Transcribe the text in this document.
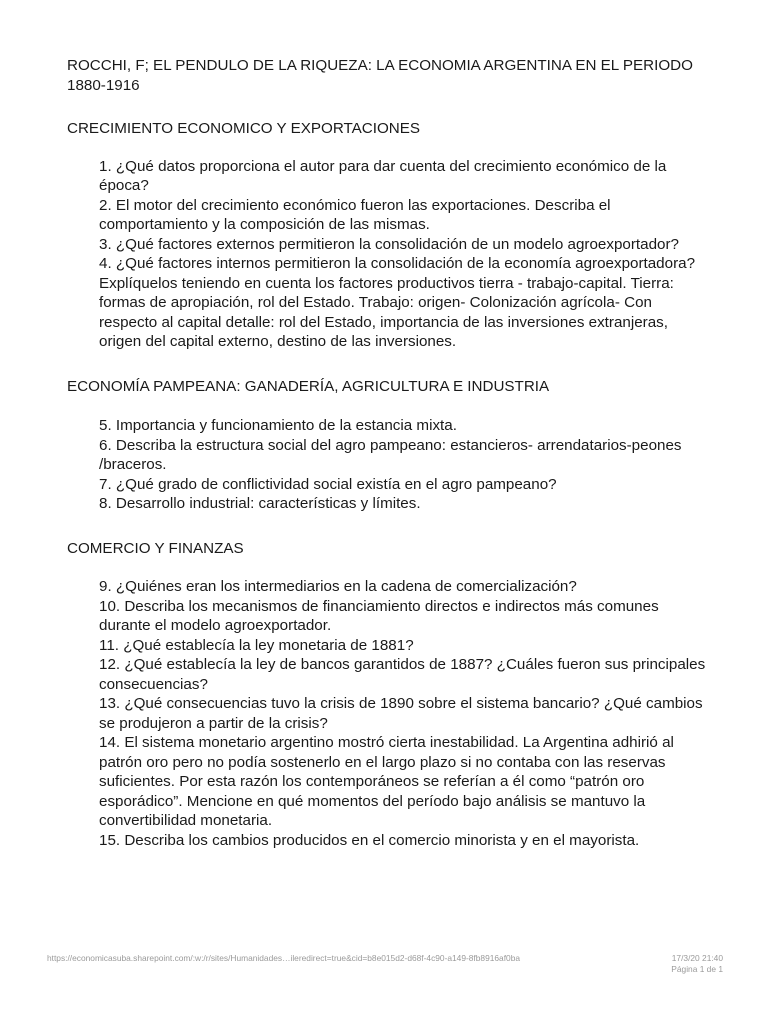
ROCCHI, F; EL PENDULO DE LA RIQUEZA: LA ECONOMIA ARGENTINA EN EL PERIODO 1880-1916
CRECIMIENTO ECONOMICO Y EXPORTACIONES

1. ¿Qué datos proporciona el autor para dar cuenta del crecimiento económico de la época?

2. El motor del crecimiento económico fueron las exportaciones. Describa el comportamiento y la composición de las mismas.

3. ¿Qué factores externos permitieron la consolidación de un modelo agroexportador?

4. ¿Qué factores internos permitieron la consolidación de la economía agroexportadora? Explíquelos teniendo en cuenta los factores productivos tierra - trabajo-capital. Tierra: formas de apropiación, rol del Estado. Trabajo: origen- Colonización agrícola- Con respecto al capital detalle: rol del Estado, importancia de las inversiones extranjeras, origen del capital externo, destino de las inversiones.

ECONOMÍA PAMPEANA: GANADERÍA, AGRICULTURA E INDUSTRIA

5. Importancia y funcionamiento de la estancia mixta.

6. Describa la estructura social del agro pampeano: estancieros- arrendatarios-peones /braceros.

7. ¿Qué grado de conflictividad social existía en el agro pampeano?

8. Desarrollo industrial: características y límites.

COMERCIO Y FINANZAS

9. ¿Quiénes eran los intermediarios en la cadena de comercialización?

10. Describa los mecanismos de financiamiento directos e indirectos más comunes durante el modelo agroexportador.

11. ¿Qué establecía la ley monetaria de 1881?

12. ¿Qué establecía la ley de bancos garantidos de 1887? ¿Cuáles fueron sus principales consecuencias?

13. ¿Qué consecuencias tuvo la crisis de 1890 sobre el sistema bancario? ¿Qué cambios se produjeron a partir de la crisis?

14. El sistema monetario argentino mostró cierta inestabilidad. La Argentina adhirió al patrón oro pero no podía sostenerlo en el largo plazo si no contaba con las reservas suficientes. Por esta razón los contemporáneos se referían a él como “patrón oro esporádico”. Mencione en qué momentos del período bajo análisis se mantuvo la convertibilidad monetaria.

15. Describa los cambios producidos en el comercio minorista y en el mayorista.

https://economicasuba.sharepoint.com/:w:/r/sites/Humanidades…ileredirect=true&cid=b8e015d2-d68f-4c90-a149-8fb8916af0ba	17/3/20 21:40
Página 1 de 1
